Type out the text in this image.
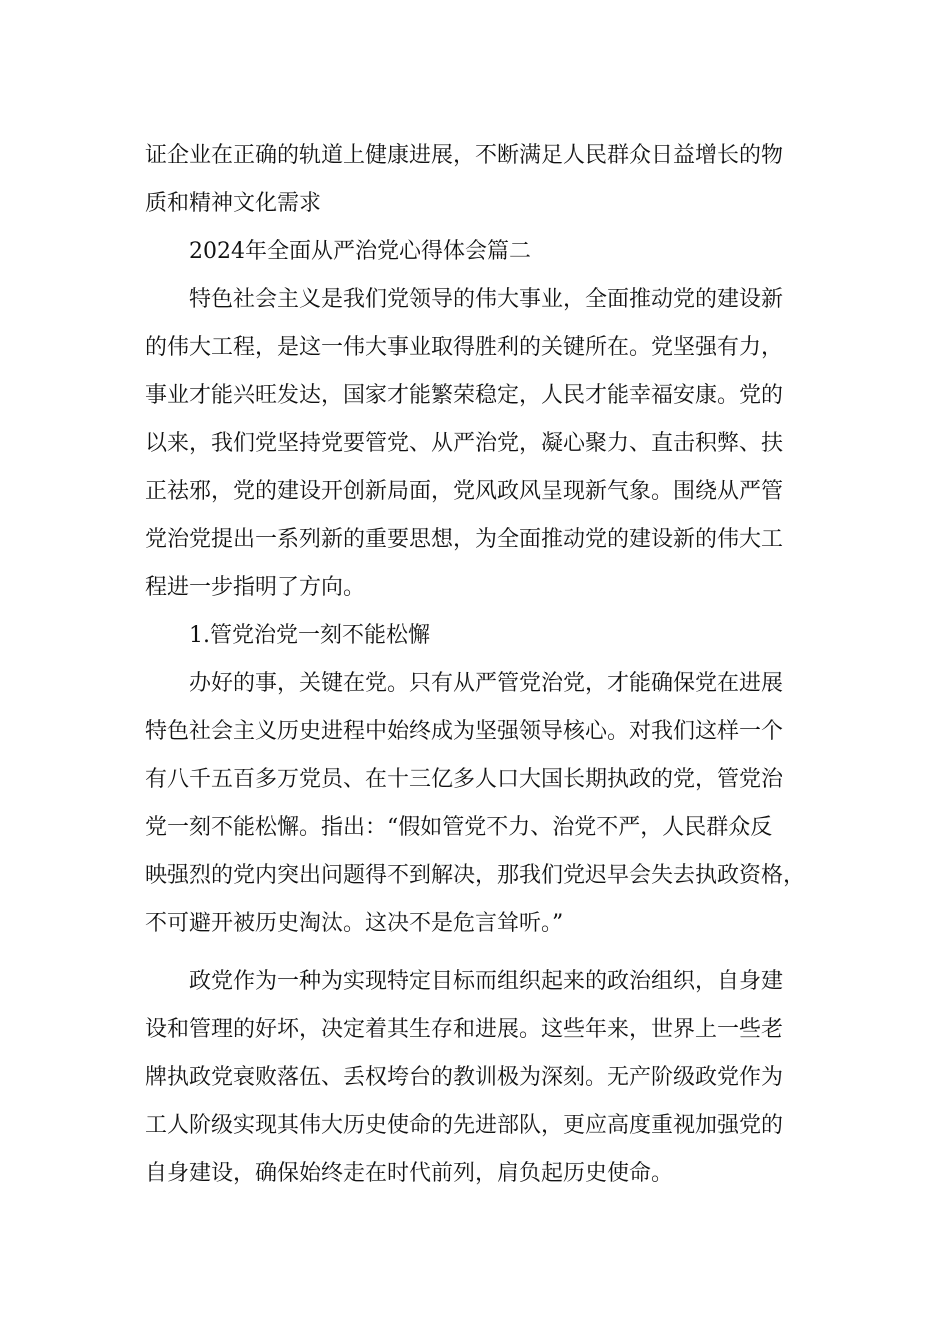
证企业在正确的轨道上健康进展，不断满足人民群众日益增长的物
质和精神文化需求
2024年全面从严治党心得体会篇二
特色社会主义是我们党领导的伟大事业，全面推动党的建设新
的伟大工程，是这一伟大事业取得胜利的关键所在。党坚强有力，
事业才能兴旺发达，国家才能繁荣稳定，人民才能幸福安康。党的
以来，我们党坚持党要管党、从严治党，凝心聚力、直击积弊、扶
正祛邪，党的建设开创新局面，党风政风呈现新气象。围绕从严管
党治党提出一系列新的重要思想，为全面推动党的建设新的伟大工
程进一步指明了方向。
1.管党治党一刻不能松懈
办好的事，关键在党。只有从严管党治党，才能确保党在进展
特色社会主义历史进程中始终成为坚强领导核心。对我们这样一个
有八千五百多万党员、在十三亿多人口大国长期执政的党，管党治
党一刻不能松懈。指出：“假如管党不力、治党不严，人民群众反
映强烈的党内突出问题得不到解决，那我们党迟早会失去执政资格，
不可避开被历史淘汰。这决不是危言耸听。”
政党作为一种为实现特定目标而组织起来的政治组织，自身建
设和管理的好坏，决定着其生存和进展。这些年来，世界上一些老
牌执政党衰败落伍、丢权垮台的教训极为深刻。无产阶级政党作为
工人阶级实现其伟大历史使命的先进部队，更应高度重视加强党的
自身建设，确保始终走在时代前列，肩负起历史使命。
